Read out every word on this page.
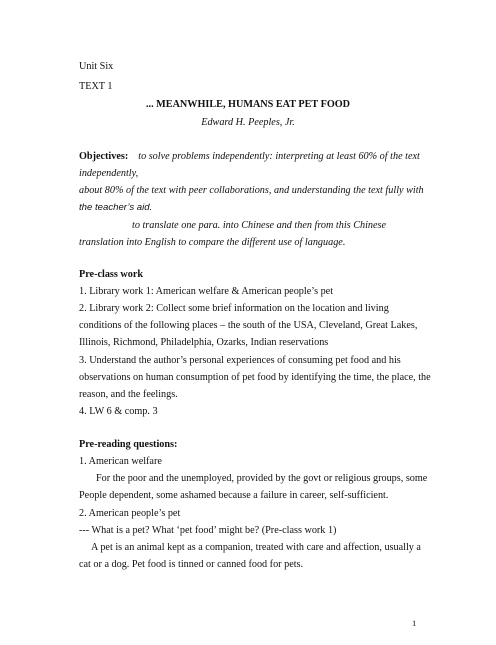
Unit Six
TEXT 1
... MEANWHILE, HUMANS EAT PET FOOD
Edward H. Peeples, Jr.
Objectives: to solve problems independently: interpreting at least 60% of the text
independently,
about 80% of the text with peer collaborations, and understanding the text fully with
the teacher’s aid.
to translate one para. into Chinese and then from this Chinese
translation into English to compare the different use of language.
Pre-class work
1. Library work 1: American welfare & American people’s pet
2. Library work 2: Collect some brief information on the location and living
conditions of the following places – the south of the USA, Cleveland, Great Lakes,
Illinois, Richmond, Philadelphia, Ozarks, Indian reservations
3. Understand the author’s personal experiences of consuming pet food and his
observations on human consumption of pet food by identifying the time, the place, the
reason, and the feelings.
4. LW 6 & comp. 3
Pre-reading questions:
1. American welfare
For the poor and the unemployed, provided by the govt or religious groups, some
People dependent, some ashamed because a failure in career, self-sufficient.
2. American people’s pet
--- What is a pet? What ‘pet food’ might be? (Pre-class work 1)
A pet is an animal kept as a companion, treated with care and affection, usually a
cat or a dog. Pet food is tinned or canned food for pets.
1
